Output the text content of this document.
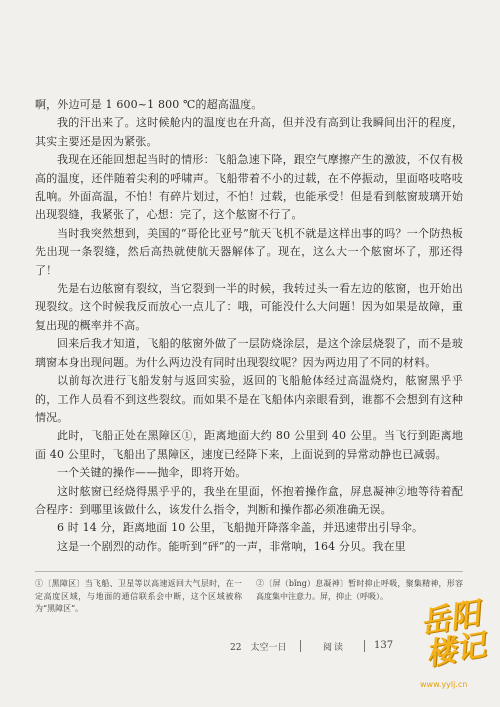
啊，外边可是 1 600~1 800 ℃的超高温度。

我的汗出来了。这时候舱内的温度也在升高，但并没有高到让我瞬间出汗的程度，其实主要还是因为紧张。

我现在还能回想起当时的情形：飞船急速下降，跟空气摩擦产生的激波，不仅有极高的温度，还伴随着尖利的呼啸声。飞船带着不小的过载，在不停振动，里面咯吱咯吱乱响。外面高温，不怕！有碎片划过，不怕！过载，也能承受！但是看到舷窗玻璃开始出现裂缝，我紧张了，心想：完了，这个舷窗不行了。

当时我突然想到，美国的“哥伦比亚号”航天飞机不就是这样出事的吗？一个防热板先出现一条裂缝，然后高热就使航天器解体了。现在，这么大一个舷窗坏了，那还得了！

先是右边舷窗有裂纹，当它裂到一半的时候，我转过头一看左边的舷窗，也开始出现裂纹。这个时候我反而放心一点儿了：哦，可能没什么大问题！因为如果是故障，重复出现的概率并不高。

回来后我才知道，飞船的舷窗外做了一层防烧涂层，是这个涂层烧裂了，而不是玻璃窗本身出现问题。为什么两边没有同时出现裂纹呢？因为两边用了不同的材料。

以前每次进行飞船发射与返回实验，返回的飞船舱体经过高温烧灼，舷窗黑乎乎的，工作人员看不到这些裂纹。而如果不是在飞船体内亲眼看到，谁都不会想到有这种情况。

此时，飞船正处在黑障区①，距离地面大约 80 公里到 40 公里。当飞行到距离地面 40 公里时，飞船出了黑障区，速度已经降下来，上面说到的异常动静也已减弱。

一个关键的操作——抛伞，即将开始。

这时舷窗已经烧得黑乎乎的，我坐在里面，怀抱着操作盒，屏息凝神②地等待着配合程序：到哪里该做什么，该发什么指令，判断和操作都必须准确无误。

6 时 14 分，距离地面 10 公里，飞船抛开降落伞盖，并迅速带出引导伞。

这是一个剧烈的动作。能听到“砰”的一声，非常响，164 分贝。我在里

①〔黑障区〕当飞船、卫星等以高速返回大气层时，在一定高度区域，与地面的通信联系会中断，这个区域被称为“黑障区”。
②〔屏（bǐng）息凝神〕暂时抑止呼吸，聚集精神，形容高度集中注意力。屏，抑止（呼吸）。
22　太空一日	阅读	137
岳阳楼记
www.yylj.cn
